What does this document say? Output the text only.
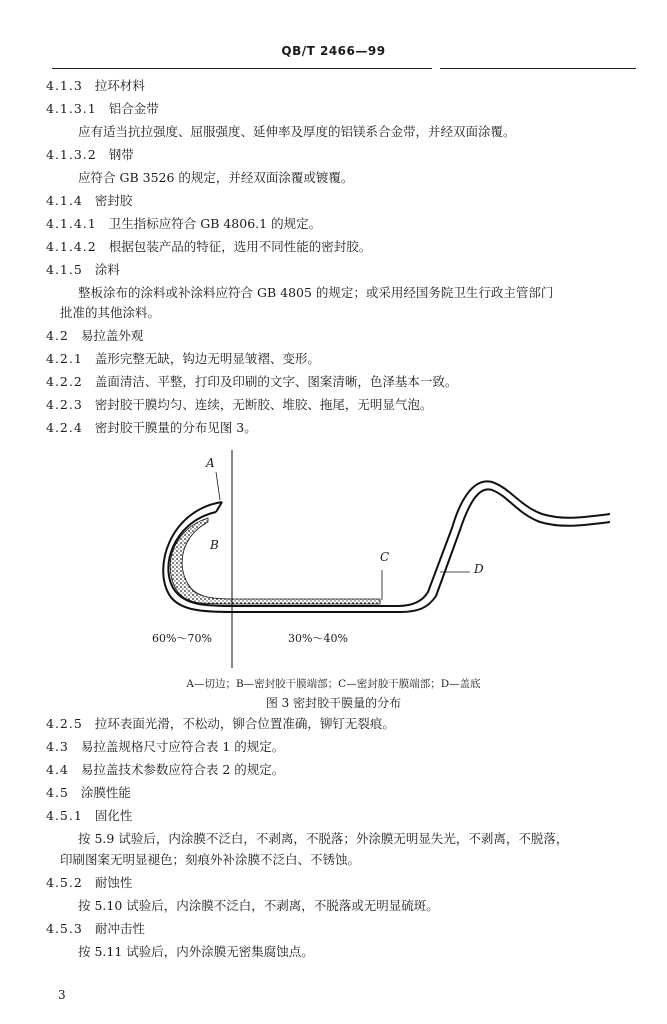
QB/T 2466—99
4.1.3 拉环材料
4.1.3.1 铝合金带
应有适当抗拉强度、屈服强度、延伸率及厚度的铝镁系合金带，并经双面涂覆。
4.1.3.2 钢带
应符合 GB 3526 的规定，并经双面涂覆或镀覆。
4.1.4 密封胶
4.1.4.1 卫生指标应符合 GB 4806.1 的规定。
4.1.4.2 根据包装产品的特征，选用不同性能的密封胶。
4.1.5 涂料
整板涂布的涂料或补涂料应符合 GB 4805 的规定；或采用经国务院卫生行政主管部门
批准的其他涂料。
4.2 易拉盖外观
4.2.1 盖形完整无缺，钩边无明显皱褶、变形。
4.2.2 盖面清洁、平整，打印及印刷的文字、图案清晰，色泽基本一致。
4.2.3 密封胶干膜均匀、连续，无断胶、堆胶、拖尾，无明显气泡。
4.2.4 密封胶干膜量的分布见图 3。
A
B
C
D
60%～70%	30%～40%
A—切边；B—密封胶干膜端部；C—密封胶干膜端部；D—盖底
图 3 密封胶干膜量的分布
4.2.5 拉环表面光滑，不松动，铆合位置准确，铆钉无裂痕。
4.3 易拉盖规格尺寸应符合表 1 的规定。
4.4 易拉盖技术参数应符合表 2 的规定。
4.5 涂膜性能
4.5.1 固化性
按 5.9 试验后，内涂膜不泛白，不剥离，不脱落；外涂膜无明显失光，不剥离，不脱落，
印刷图案无明显褪色；刻痕外补涂膜不泛白、不锈蚀。
4.5.2 耐蚀性
按 5.10 试验后，内涂膜不泛白，不剥离，不脱落或无明显硫斑。
4.5.3 耐冲击性
按 5.11 试验后，内外涂膜无密集腐蚀点。
3
